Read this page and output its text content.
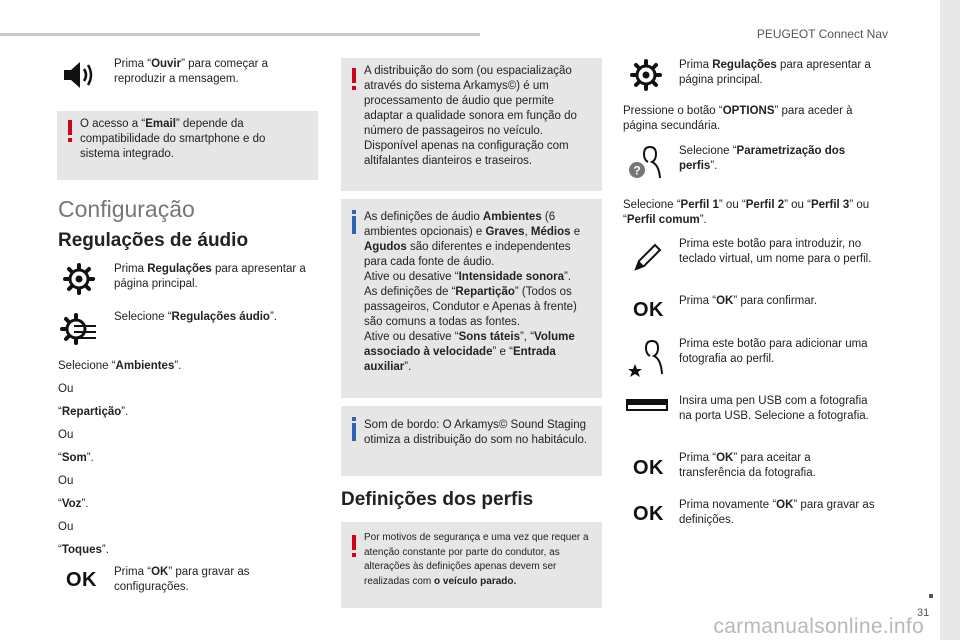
PEUGEOT Connect Nav
31
Prima “Ouvir” para começar a reproduzir a mensagem.
O acesso a “Email” depende da compatibilidade do smartphone e do sistema integrado.
Configuração
Regulações de áudio
Prima Regulações para apresentar a página principal.
Selecione “Regulações áudio”.
Selecione “Ambientes”.
Ou
“Repartição”.
Ou
“Som”.
Ou
“Voz”.
Ou
“Toques”.
OK Prima “OK” para gravar as configurações.
A distribuição do som (ou espacialização através do sistema Arkamys©) é um processamento de áudio que permite adaptar a qualidade sonora em função do número de passageiros no veículo. Disponível apenas na configuração com altifalantes dianteiros e traseiros.
As definições de áudio Ambientes (6 ambientes opcionais) e Graves, Médios e Agudos são diferentes e independentes para cada fonte de áudio.
Ative ou desative “Intensidade sonora”.
As definições de “Repartição” (Todos os passageiros, Condutor e Apenas à frente) são comuns a todas as fontes.
Ative ou desative “Sons táteis”, “Volume associado à velocidade” e “Entrada auxiliar”.
Som de bordo: O Arkamys© Sound Staging otimiza a distribuição do som no habitáculo.
Definições dos perfis
Por motivos de segurança e uma vez que requer a atenção constante por parte do condutor, as alterações às definições apenas devem ser realizadas com o veículo parado.
Prima Regulações para apresentar a página principal.
Pressione o botão “OPTIONS” para aceder à página secundária.
?
Selecione “Parametrização dos perfis”.
Selecione “Perfil 1” ou “Perfil 2” ou “Perfil 3” ou “Perfil comum”.
Prima este botão para introduzir, no teclado virtual, um nome para o perfil.
OK Prima “OK” para confirmar.
Prima este botão para adicionar uma fotografia ao perfil.
Insira uma pen USB com a fotografia na porta USB. Selecione a fotografia.
OK Prima “OK” para aceitar a transferência da fotografia.
OK Prima novamente “OK” para gravar as definições.
carmanualsonline.info
